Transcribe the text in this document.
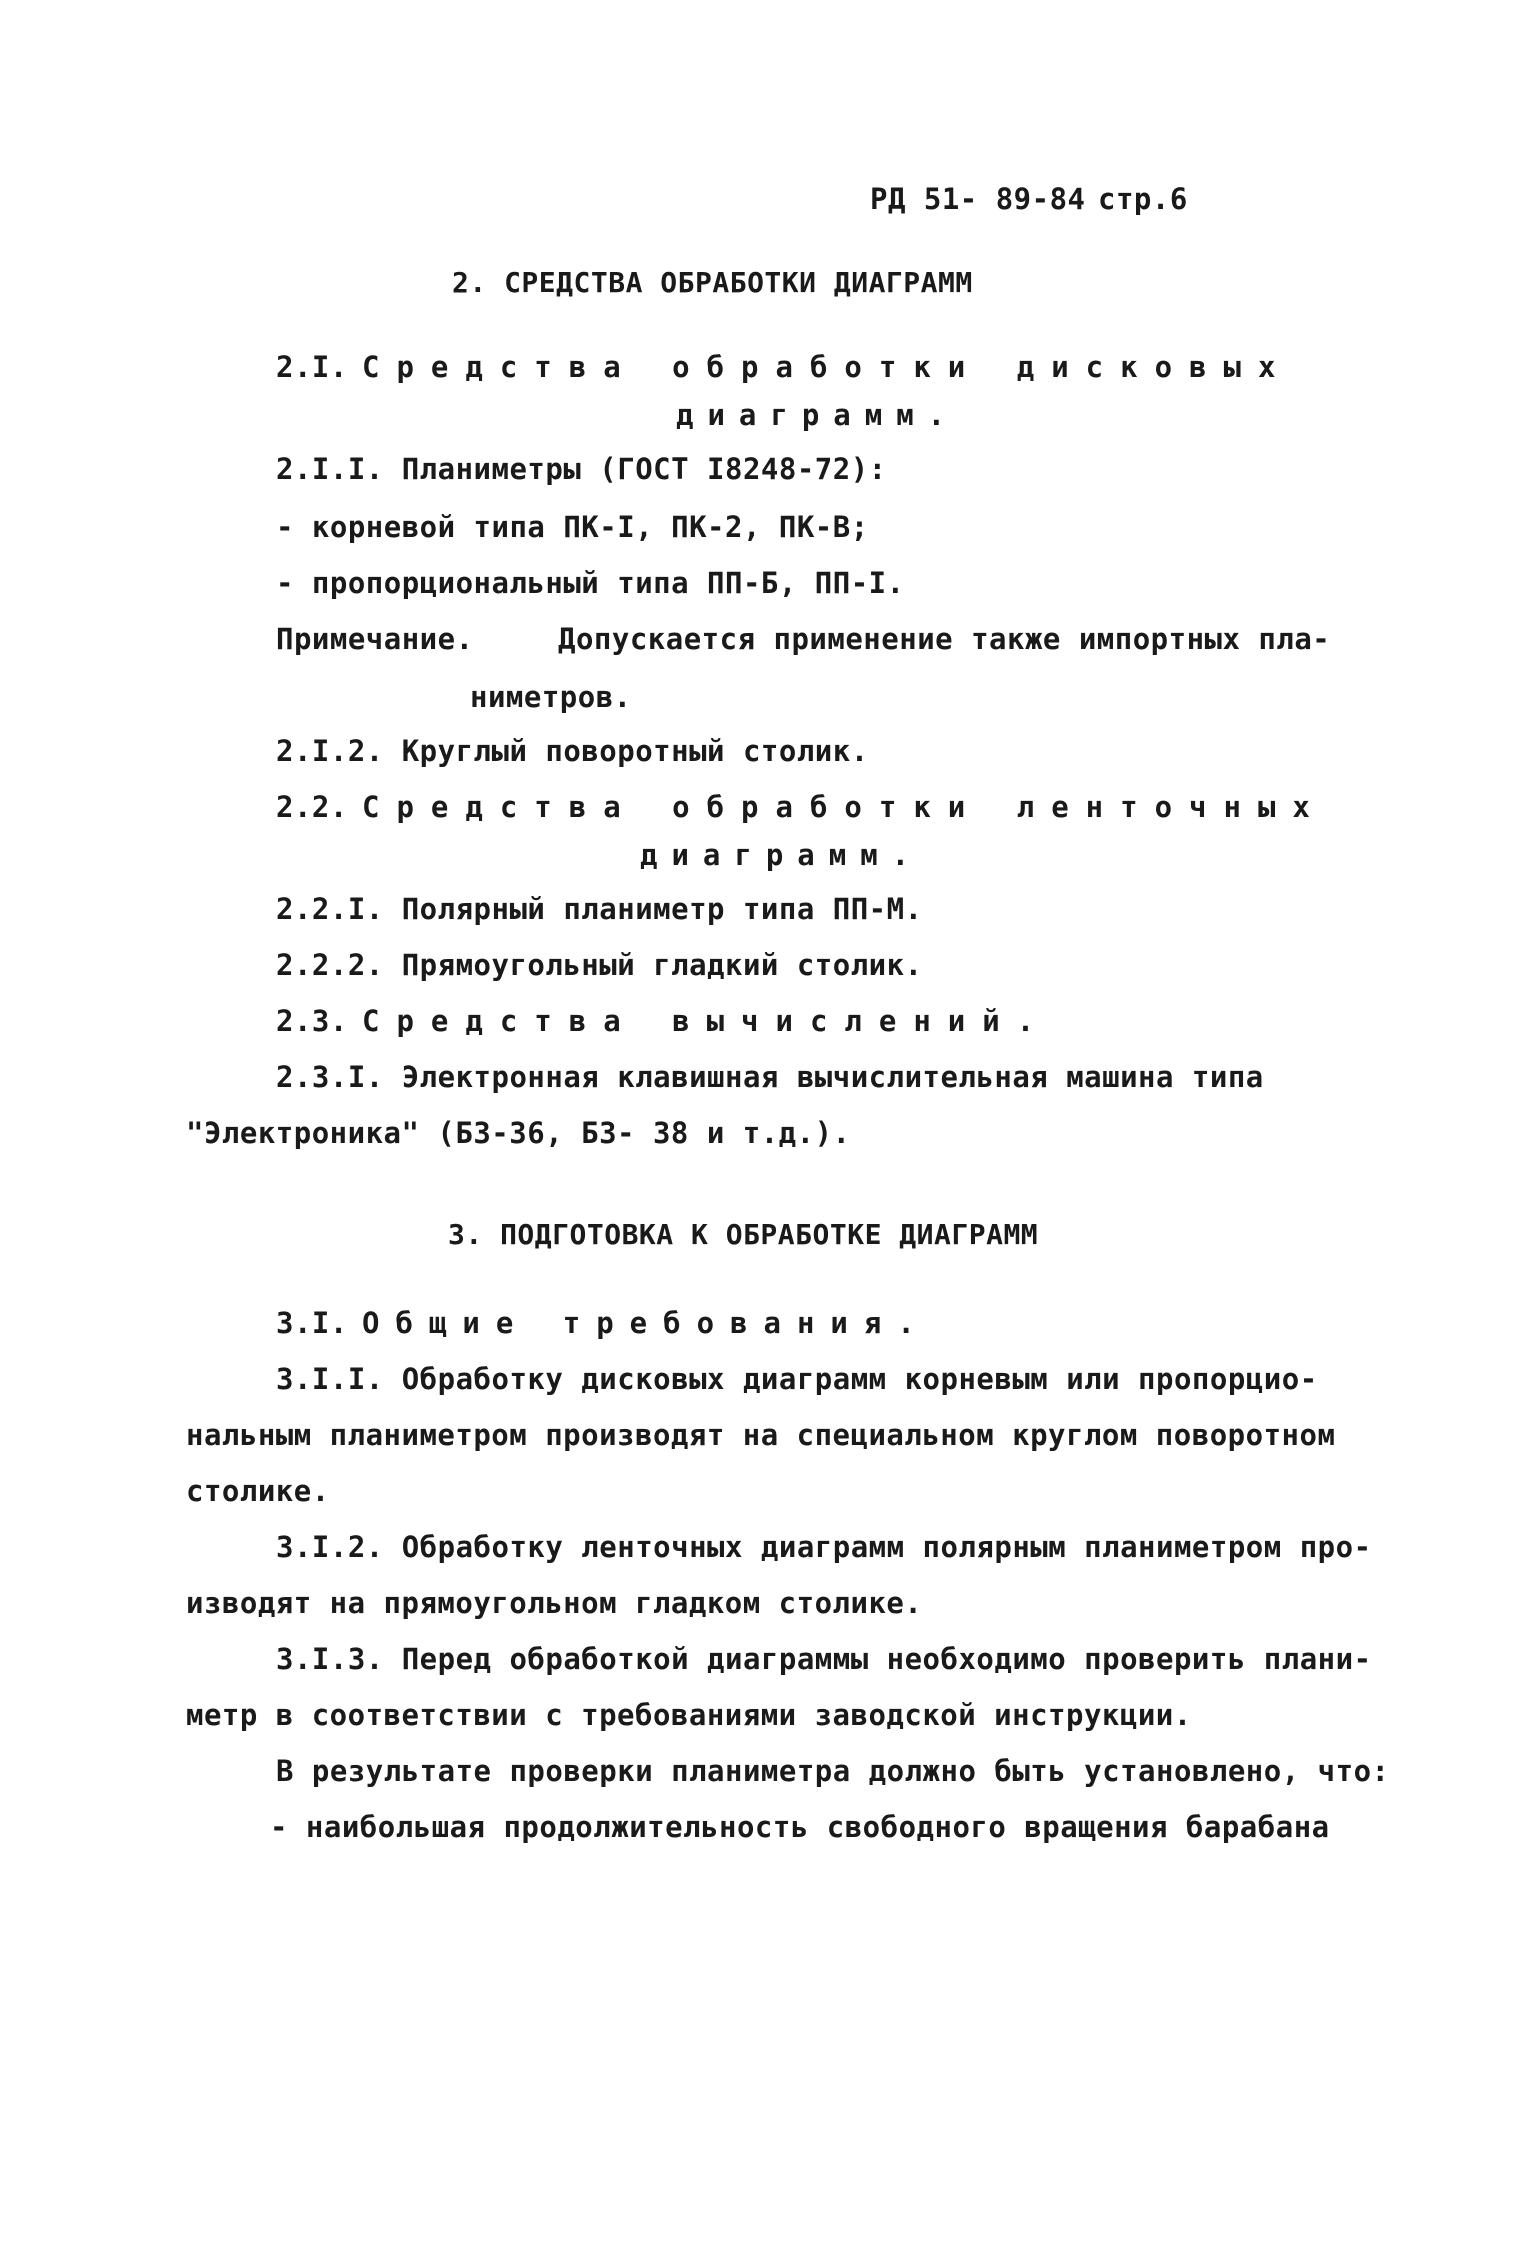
РД 51- 89-84 стр.6
2. СРЕДСТВА ОБРАБОТКИ ДИАГРАММ
2.I. Средства обработки дисковых
диаграмм.
2.I.I. Планиметры (ГОСТ I8248-72):
- корневой типа ПК-I, ПК-2, ПК-В;
- пропорциональный типа ПП-Б, ПП-I.
Примечание.	Допускается применение также импортных пла-
ниметров.
2.I.2. Круглый поворотный столик.
2.2. Средства обработки ленточных
диаграмм.
2.2.I. Полярный планиметр типа ПП-М.
2.2.2. Прямоугольный гладкий столик.
2.3. Средства вычислений.
2.3.I. Электронная клавишная вычислительная машина типа
"Электроника" (БЗ-36, БЗ- 38 и т.д.).
3. ПОДГОТОВКА К ОБРАБОТКЕ ДИАГРАММ
3.I. Общие требования.
3.I.I. Обработку дисковых диаграмм корневым или пропорцио-
нальным планиметром производят на специальном круглом поворотном
столике.
3.I.2. Обработку ленточных диаграмм полярным планиметром про-
изводят на прямоугольном гладком столике.
3.I.3. Перед обработкой диаграммы необходимо проверить плани-
метр в соответствии с требованиями заводской инструкции.
В результате проверки планиметра должно быть установлено, что:
- наибольшая продолжительность свободного вращения барабана
